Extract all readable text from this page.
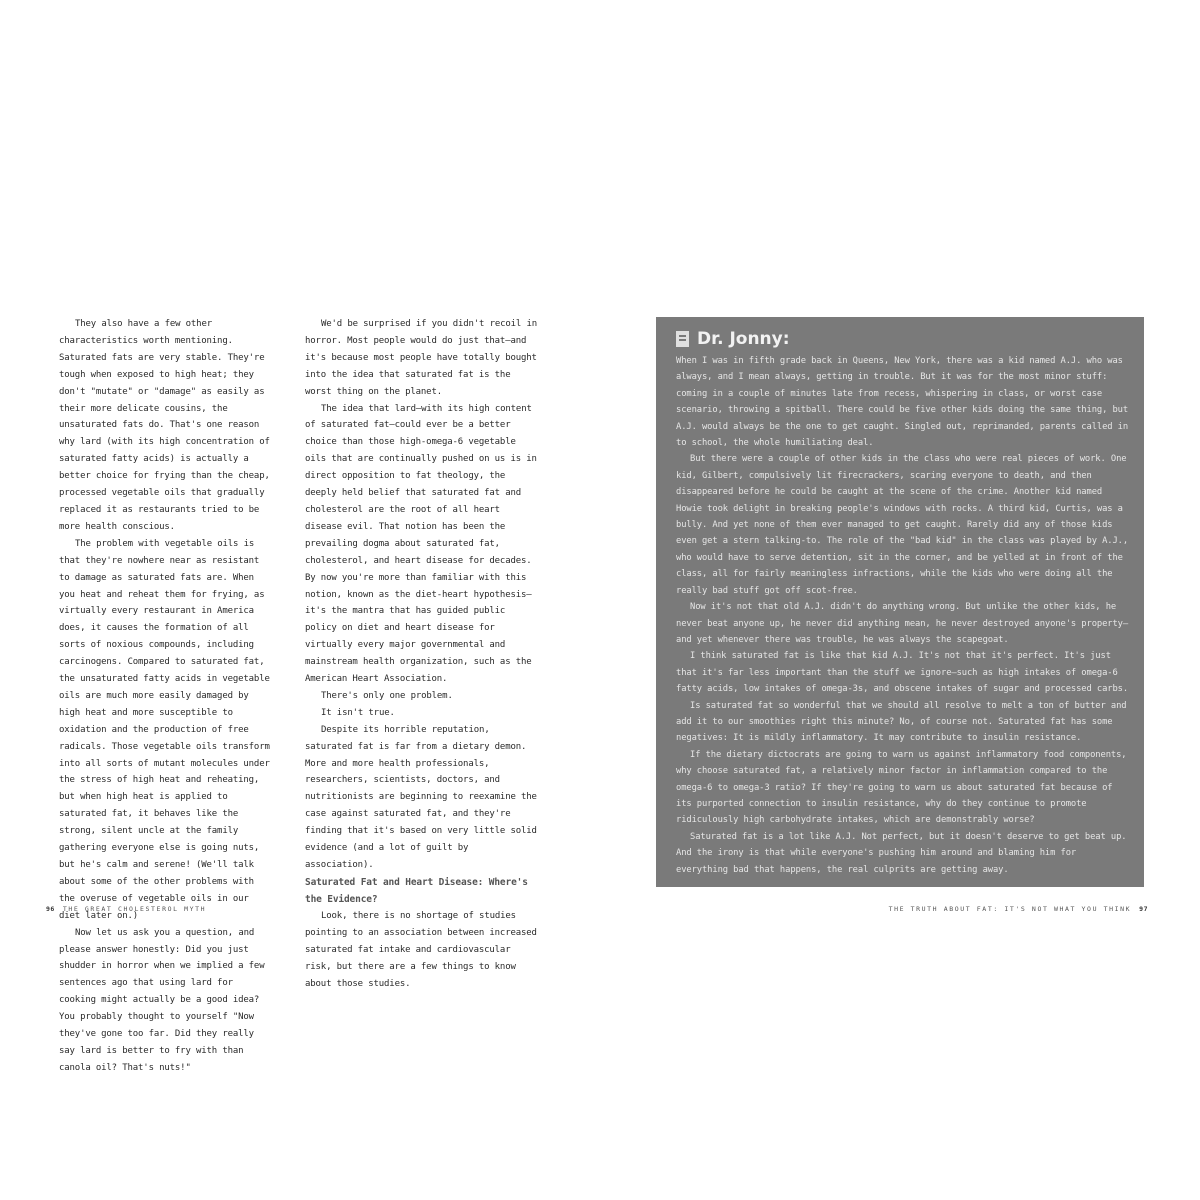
They also have a few other characteristics worth mentioning. Saturated fats are very stable. They're tough when exposed to high heat; they don't "mutate" or "damage" as easily as their more delicate cousins, the unsaturated fats do. That's one reason why lard (with its high concentration of saturated fatty acids) is actually a better choice for frying than the cheap, processed vegetable oils that gradually replaced it as restaurants tried to be more health conscious.

The problem with vegetable oils is that they're nowhere near as resistant to damage as saturated fats are. When you heat and reheat them for frying, as virtually every restaurant in America does, it causes the formation of all sorts of noxious compounds, including carcinogens. Compared to saturated fat, the unsaturated fatty acids in vegetable oils are much more easily damaged by high heat and more susceptible to oxidation and the production of free radicals. Those vegetable oils transform into all sorts of mutant molecules under the stress of high heat and reheating, but when high heat is applied to saturated fat, it behaves like the strong, silent uncle at the family gathering everyone else is going nuts, but he's calm and serene! (We'll talk about some of the other problems with the overuse of vegetable oils in our diet later on.)

Now let us ask you a question, and please answer honestly: Did you just shudder in horror when we implied a few sentences ago that using lard for cooking might actually be a good idea? You probably thought to yourself "Now they've gone too far. Did they really say lard is better to fry with than canola oil? That's nuts!"

We'd be surprised if you didn't recoil in horror. Most people would do just that—and it's because most people have totally bought into the idea that saturated fat is the worst thing on the planet.

The idea that lard—with its high content of saturated fat—could ever be a better choice than those high-omega-6 vegetable oils that are continually pushed on us is in direct opposition to fat theology, the deeply held belief that saturated fat and cholesterol are the root of all heart disease evil. That notion has been the prevailing dogma about saturated fat, cholesterol, and heart disease for decades. By now you're more than familiar with this notion, known as the diet-heart hypothesis—it's the mantra that has guided public policy on diet and heart disease for virtually every major governmental and mainstream health organization, such as the American Heart Association.

There's only one problem.

It isn't true.

Despite its horrible reputation, saturated fat is far from a dietary demon. More and more health professionals, researchers, scientists, doctors, and nutritionists are beginning to reexamine the case against saturated fat, and they're finding that it's based on very little solid evidence (and a lot of guilt by association).

Saturated Fat and Heart Disease: Where's the Evidence?

Look, there is no shortage of studies pointing to an association between increased saturated fat intake and cardiovascular risk, but there are a few things to know about those studies.

96 THE GREAT CHOLESTEROL MYTH
Dr. Jonny:

When I was in fifth grade back in Queens, New York, there was a kid named A.J. who was always, and I mean always, getting in trouble. But it was for the most minor stuff: coming in a couple of minutes late from recess, whispering in class, or worst case scenario, throwing a spitball. There could be five other kids doing the same thing, but A.J. would always be the one to get caught. Singled out, reprimanded, parents called in to school, the whole humiliating deal.

But there were a couple of other kids in the class who were real pieces of work. One kid, Gilbert, compulsively lit firecrackers, scaring everyone to death, and then disappeared before he could be caught at the scene of the crime. Another kid named Howie took delight in breaking people's windows with rocks. A third kid, Curtis, was a bully. And yet none of them ever managed to get caught. Rarely did any of those kids even get a stern talking-to. The role of the "bad kid" in the class was played by A.J., who would have to serve detention, sit in the corner, and be yelled at in front of the class, all for fairly meaningless infractions, while the kids who were doing all the really bad stuff got off scot-free.

Now it's not that old A.J. didn't do anything wrong. But unlike the other kids, he never beat anyone up, he never did anything mean, he never destroyed anyone's property—and yet whenever there was trouble, he was always the scapegoat.

I think saturated fat is like that kid A.J. It's not that it's perfect. It's just that it's far less important than the stuff we ignore—such as high intakes of omega-6 fatty acids, low intakes of omega-3s, and obscene intakes of sugar and processed carbs.

Is saturated fat so wonderful that we should all resolve to melt a ton of butter and add it to our smoothies right this minute? No, of course not. Saturated fat has some negatives: It is mildly inflammatory. It may contribute to insulin resistance.

If the dietary dictocrats are going to warn us against inflammatory food components, why choose saturated fat, a relatively minor factor in inflammation compared to the omega-6 to omega-3 ratio? If they're going to warn us about saturated fat because of its purported connection to insulin resistance, why do they continue to promote ridiculously high carbohydrate intakes, which are demonstrably worse?

Saturated fat is a lot like A.J. Not perfect, but it doesn't deserve to get beat up. And the irony is that while everyone's pushing him around and blaming him for everything bad that happens, the real culprits are getting away.

THE TRUTH ABOUT FAT: IT'S NOT WHAT YOU THINK 97
